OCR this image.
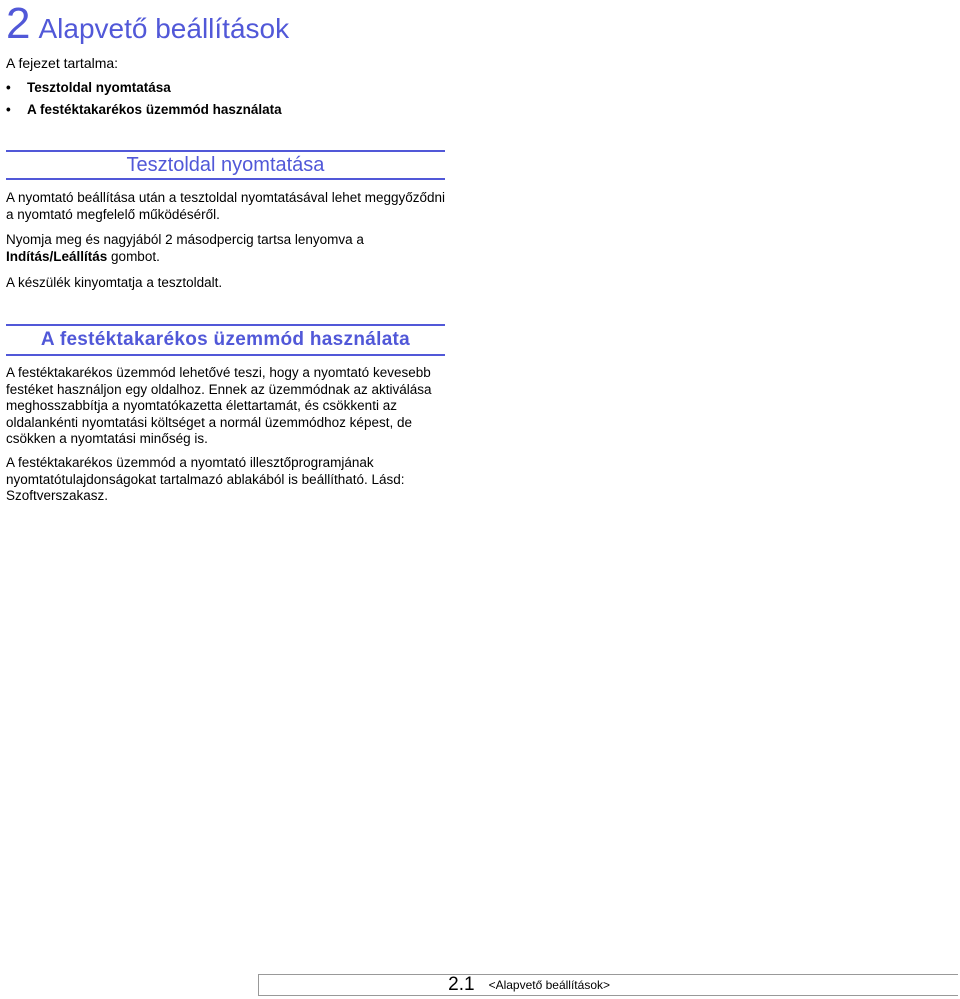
2 Alapvető beállítások
A fejezet tartalma:
• Tesztoldal nyomtatása
• A festéktakarékos üzemmód használata
Tesztoldal nyomtatása

A nyomtató beállítása után a tesztoldal nyomtatásával lehet meggyőződni a nyomtató megfelelő működéséről.

Nyomja meg és nagyjából 2 másodpercig tartsa lenyomva a Indítás/Leállítás gombot.

A készülék kinyomtatja a tesztoldalt.

A festéktakarékos üzemmód használata

A festéktakarékos üzemmód lehetővé teszi, hogy a nyomtató kevesebb festéket használjon egy oldalhoz. Ennek az üzemmódnak az aktiválása meghosszabbítja a nyomtatókazetta élettartamát, és csökkenti az oldalankénti nyomtatási költséget a normál üzemmódhoz képest, de csökken a nyomtatási minőség is.

A festéktakarékos üzemmód a nyomtató illesztőprogramjának nyomtatótulajdonságokat tartalmazó ablakából is beállítható. Lásd: Szoftverszakasz.

2.1 <Alapvető beállítások>
